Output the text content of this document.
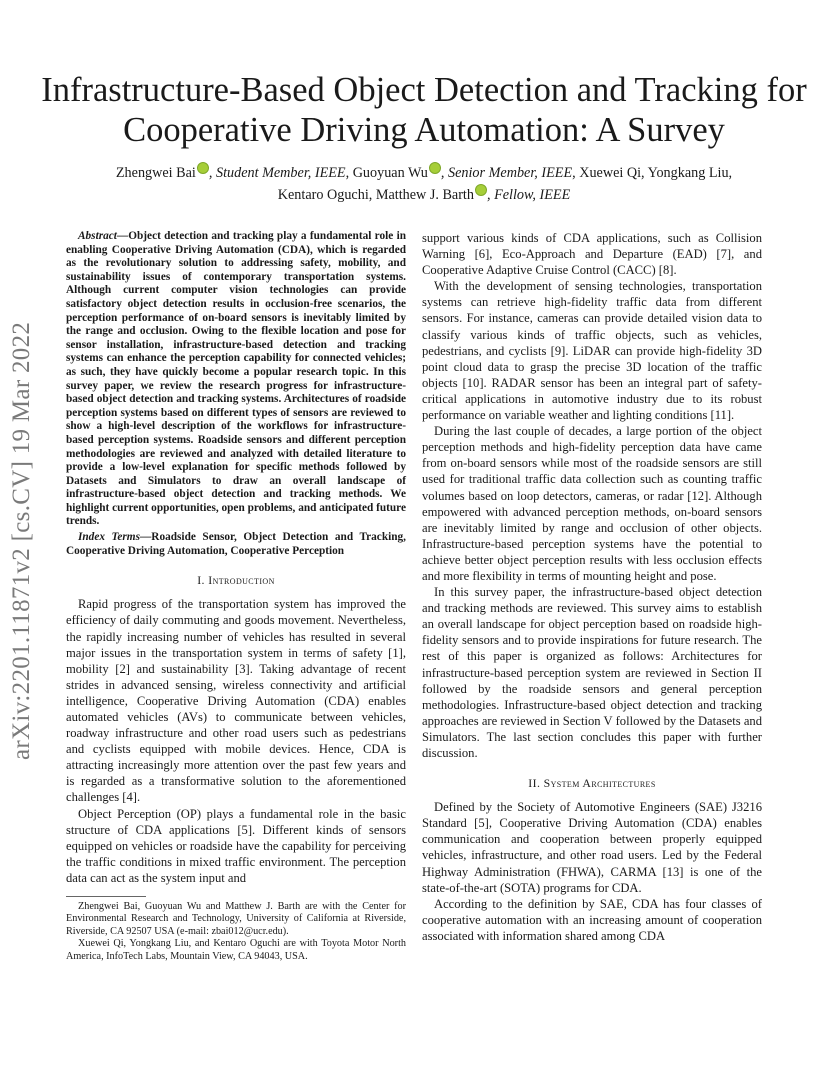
arXiv:2201.11871v2 [cs.CV] 19 Mar 2022
Infrastructure-Based Object Detection and Tracking for Cooperative Driving Automation: A Survey
Zhengwei Bai , Student Member, IEEE, Guoyuan Wu , Senior Member, IEEE, Xuewei Qi, Yongkang Liu,
Kentaro Oguchi, Matthew J. Barth , Fellow, IEEE

Abstract—Object detection and tracking play a fundamental role in enabling Cooperative Driving Automation (CDA), which is regarded as the revolutionary solution to addressing safety, mobility, and sustainability issues of contemporary transportation systems. Although current computer vision technologies can provide satisfactory object detection results in occlusion-free scenarios, the perception performance of on-board sensors is inevitably limited by the range and occlusion. Owing to the flexible location and pose for sensor installation, infrastructure-based detection and tracking systems can enhance the perception capability for connected vehicles; as such, they have quickly become a popular research topic. In this survey paper, we review the research progress for infrastructure-based object detection and tracking systems. Architectures of roadside perception systems based on different types of sensors are reviewed to show a high-level description of the workflows for infrastructure-based perception systems. Roadside sensors and different perception methodologies are reviewed and analyzed with detailed literature to provide a low-level explanation for specific methods followed by Datasets and Simulators to draw an overall landscape of infrastructure-based object detection and tracking methods. We highlight current opportunities, open problems, and anticipated future trends.

Index Terms—Roadside Sensor, Object Detection and Tracking, Cooperative Driving Automation, Cooperative Perception

I. Introduction

Rapid progress of the transportation system has improved the efficiency of daily commuting and goods movement. Nevertheless, the rapidly increasing number of vehicles has resulted in several major issues in the transportation system in terms of safety [1], mobility [2] and sustainability [3]. Taking advantage of recent strides in advanced sensing, wireless connectivity and artificial intelligence, Cooperative Driving Automation (CDA) enables automated vehicles (AVs) to communicate between vehicles, roadway infrastructure and other road users such as pedestrians and cyclists equipped with mobile devices. Hence, CDA is attracting increasingly more attention over the past few years and is regarded as a transformative solution to the aforementioned challenges [4].

Object Perception (OP) plays a fundamental role in the basic structure of CDA applications [5]. Different kinds of sensors equipped on vehicles or roadside have the capability for perceiving the traffic conditions in mixed traffic environment. The perception data can act as the system input and

Zhengwei Bai, Guoyuan Wu and Matthew J. Barth are with the Center for Environmental Research and Technology, University of California at Riverside, Riverside, CA 92507 USA (e-mail: zbai012@ucr.edu).

Xuewei Qi, Yongkang Liu, and Kentaro Oguchi are with Toyota Motor North America, InfoTech Labs, Mountain View, CA 94043, USA.

support various kinds of CDA applications, such as Collision Warning [6], Eco-Approach and Departure (EAD) [7], and Cooperative Adaptive Cruise Control (CACC) [8].

With the development of sensing technologies, transportation systems can retrieve high-fidelity traffic data from different sensors. For instance, cameras can provide detailed vision data to classify various kinds of traffic objects, such as vehicles, pedestrians, and cyclists [9]. LiDAR can provide high-fidelity 3D point cloud data to grasp the precise 3D location of the traffic objects [10]. RADAR sensor has been an integral part of safety-critical applications in automotive industry due to its robust performance on variable weather and lighting conditions [11].

During the last couple of decades, a large portion of the object perception methods and high-fidelity perception data have came from on-board sensors while most of the roadside sensors are still used for traditional traffic data collection such as counting traffic volumes based on loop detectors, cameras, or radar [12]. Although empowered with advanced perception methods, on-board sensors are inevitably limited by range and occlusion of other objects. Infrastructure-based perception systems have the potential to achieve better object perception results with less occlusion effects and more flexibility in terms of mounting height and pose.

In this survey paper, the infrastructure-based object detection and tracking methods are reviewed. This survey aims to establish an overall landscape for object perception based on roadside high-fidelity sensors and to provide inspirations for future research. The rest of this paper is organized as follows: Architectures for infrastructure-based perception system are reviewed in Section II followed by the roadside sensors and general perception methodologies. Infrastructure-based object detection and tracking approaches are reviewed in Section V followed by the Datasets and Simulators. The last section concludes this paper with further discussion.

II. System Architectures

Defined by the Society of Automotive Engineers (SAE) J3216 Standard [5], Cooperative Driving Automation (CDA) enables communication and cooperation between properly equipped vehicles, infrastructure, and other road users. Led by the Federal Highway Administration (FHWA), CARMA [13] is one of the state-of-the-art (SOTA) programs for CDA.

According to the definition by SAE, CDA has four classes of cooperative automation with an increasing amount of cooperation associated with information shared among CDA
